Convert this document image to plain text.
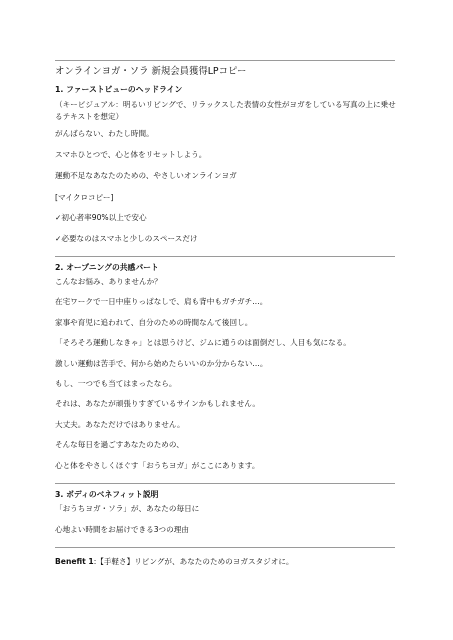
オンラインヨガ・ソラ 新規会員獲得LPコピー
1. ファーストビューのヘッドライン
（キービジュアル：明るいリビングで、リラックスした表情の女性がヨガをしている写真の上に乗せるテキストを想定）
がんばらない、わたし時間。
スマホひとつで、心と体をリセットしよう。
運動不足なあなたのための、やさしいオンラインヨガ
[マイクロコピー]
✓初心者率90%以上で安心
✓必要なのはスマホと少しのスペースだけ
2. オープニングの共感パート
こんなお悩み、ありませんか？
在宅ワークで一日中座りっぱなしで、肩も背中もガチガチ…。
家事や育児に追われて、自分のための時間なんて後回し。
「そろそろ運動しなきゃ」とは思うけど、ジムに通うのは面倒だし、人目も気になる。
激しい運動は苦手で、何から始めたらいいのか分からない…。
もし、一つでも当てはまったなら。
それは、あなたが頑張りすぎているサインかもしれません。
大丈夫。あなただけではありません。
そんな毎日を過ごすあなたのための、
心と体をやさしくほぐす「おうちヨガ」がここにあります。
3. ボディのベネフィット説明
「おうちヨガ・ソラ」が、あなたの毎日に
心地よい時間をお届けできる3つの理由
Benefit 1:【手軽さ】リビングが、あなたのためのヨガスタジオに。
